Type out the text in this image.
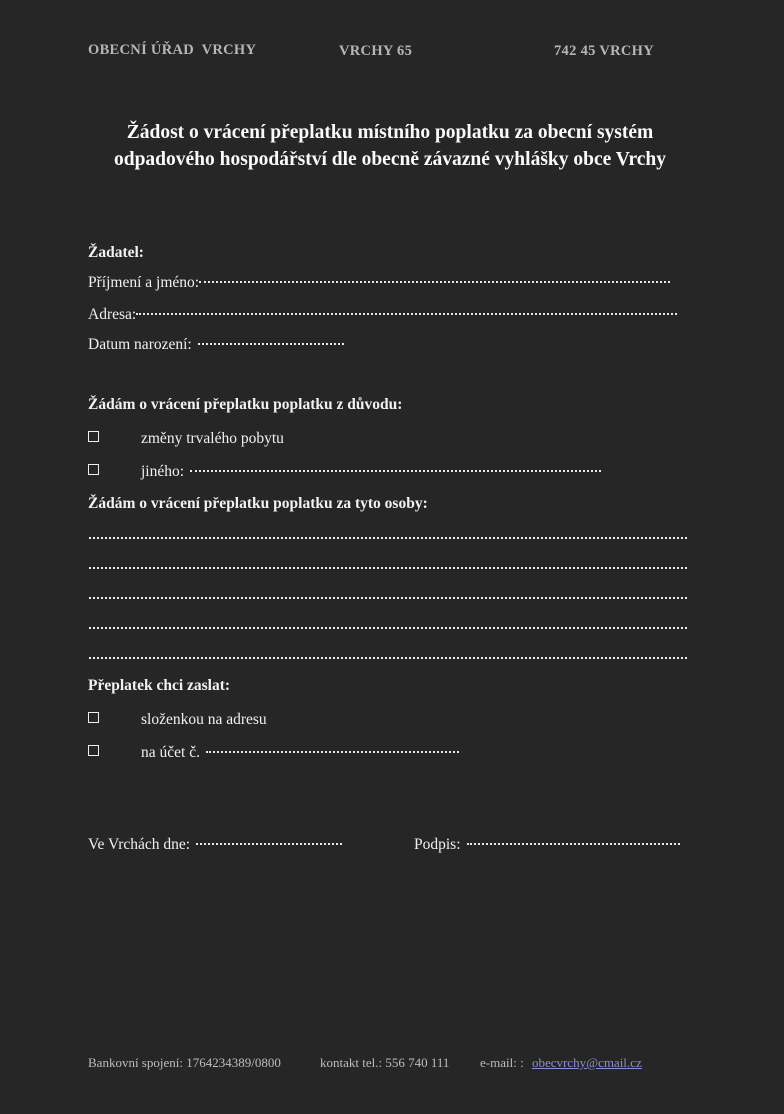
OBECNÍ ÚŘAD  VRCHY	VRCHY 65	742 45 VRCHY
Žádost o vrácení přeplatku místního poplatku za obecní systém odpadového hospodářství dle obecně závazné vyhlášky obce Vrchy
Žadatel:
Příjmení a jméno:
Adresa:
Datum narození:
Žádám o vrácení přeplatku poplatku z důvodu:
změny trvalého pobytu
jiného:
Žádám o vrácení přeplatku poplatku za tyto osoby:
Přeplatek chci zaslat:
složenkou na adresu
na účet č.
Ve Vrchách dne:	Podpis:
Bankovní spojení: 1764234389/0800	kontakt tel.: 556 740 111 e-mail: : obecvrchy@cmail.cz
